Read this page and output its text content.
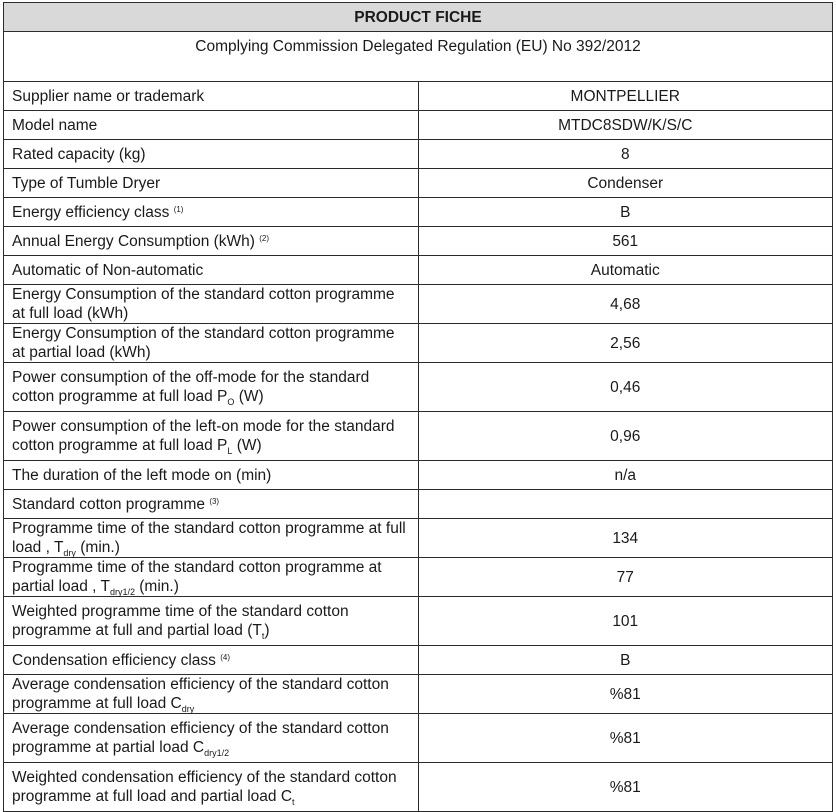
PRODUCT FICHE	
Complying Commission Delegated Regulation (EU) No 392/2012	
Supplier name or trademark	MONTPELLIER
Model name	MTDC8SDW/K/S/C
Rated capacity (kg)	8
Type of Tumble Dryer	Condenser
Energy efficiency class $^{(1)}$	B
Annual Energy Consumption (kWh) $^{(2)}$	561
Automatic of Non-automatic	Automatic
Energy Consumption of the standard cotton programme at full load (kWh)	4,68
Energy Consumption of the standard cotton programme at partial load (kWh)	2,56
Power consumption of the off-mode for the standard cotton programme at full load $P_O$ (W)	0,46
Power consumption of the left-on mode for the standard cotton programme at full load $P_L$ (W)	0,96
The duration of the left mode on (min)	n/a
Standard cotton programme $^{(3)}$	
Programme time of the standard cotton programme at full load , $T_{dry}$ (min.)	134
Programme time of the standard cotton programme at partial load , $T_{dry1/2}$ (min.)	77
Weighted programme time of the standard cotton programme at full and partial load $(T_t)$	101
Condensation efficiency class $^{(4)}$	B
Average condensation efficiency of the standard cotton programme at full load $C_{dry}$	%81
Average condensation efficiency of the standard cotton programme at partial load $C_{dry1/2}$	%81
Weighted condensation efficiency of the standard cotton programme at full load and partial load $C_t$	%81
